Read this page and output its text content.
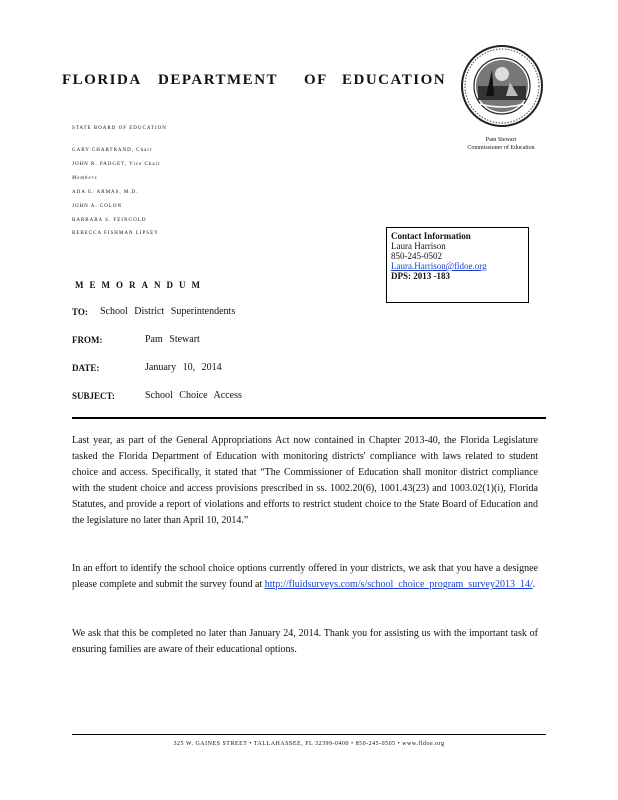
FLORIDA DEPARTMENT OF EDUCATION
STATE BOARD OF EDUCATION
GARY CHARTRAND, Chair
JOHN R. PADGET, Vice Chair
Members
ADA G. ARMAS, M.D.
JOHN A. COLON
BARBARA S. FEINGOLD
REBECCA FISHMAN LIPSEY
Pam Stewart
Commissioner of Education
Contact Information
Laura Harrison
850-245-0502
Laura.Harrison@fldoe.org
DPS: 2013 -183
MEMORANDUM
TO: School District Superintendents
FROM:	Pam Stewart
DATE:	January 10, 2014
SUBJECT:	School Choice Access
Last year, as part of the General Appropriations Act now contained in Chapter 2013-40, the Florida Legislature tasked the Florida Department of Education with monitoring districts' compliance with laws related to student choice and access. Specifically, it stated that “The Commissioner of Education shall monitor district compliance with the student choice and access provisions prescribed in ss. 1002.20(6), 1001.43(23) and 1003.02(1)(i), Florida Statutes, and provide a report of violations and efforts to restrict student choice to the State Board of Education and the legislature no later than April 10, 2014.”
In an effort to identify the school choice options currently offered in your districts, we ask that you have a designee please complete and submit the survey found at http://fluidsurveys.com/s/school_choice_program_survey2013_14/.
We ask that this be completed no later than January 24, 2014. Thank you for assisting us with the important task of ensuring families are aware of their educational options.
325 W. GAINES STREET • TALLAHASSEE, FL 32399-0400 • 850-245-0505 • www.fldoe.org
